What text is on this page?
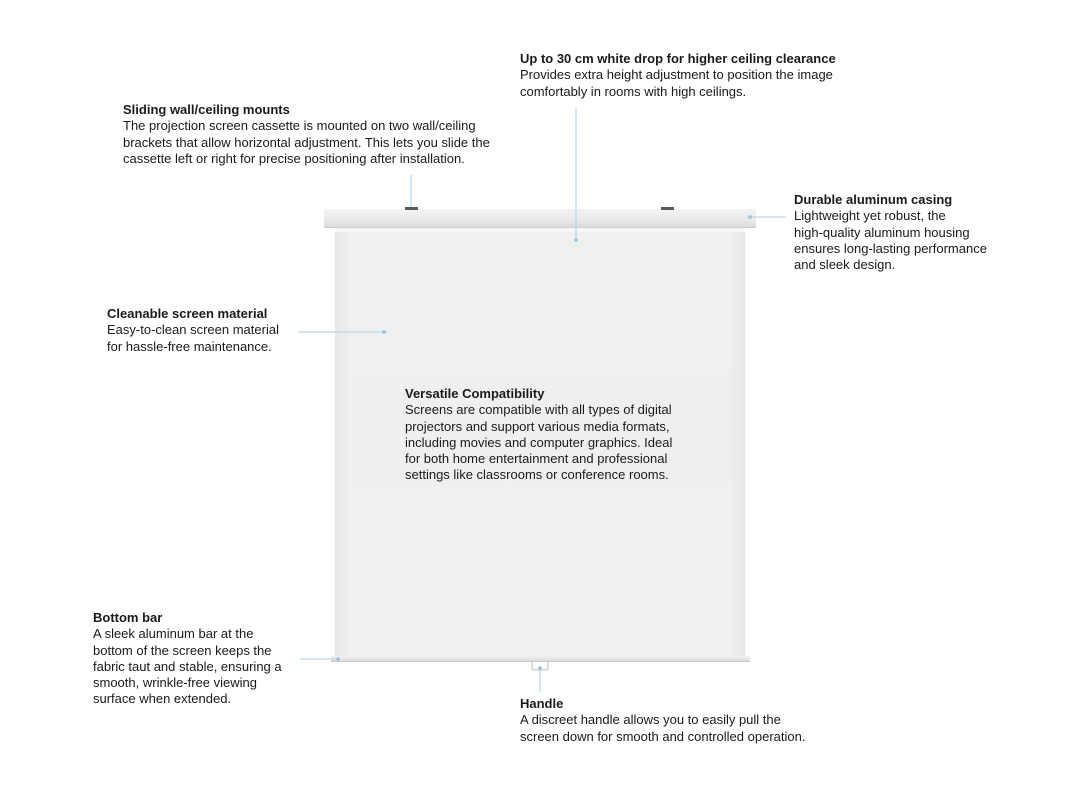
Up to 30 cm white drop for higher ceiling clearance
Provides extra height adjustment to position the image
comfortably in rooms with high ceilings.
Sliding wall/ceiling mounts
The projection screen cassette is mounted on two wall/ceiling
brackets that allow horizontal adjustment. This lets you slide the
cassette left or right for precise positioning after installation.
Durable aluminum casing
Lightweight yet robust, the
high-quality aluminum housing
ensures long-lasting performance
and sleek design.
Cleanable screen material
Easy-to-clean screen material
for hassle-free maintenance.
Versatile Compatibility
Screens are compatible with all types of digital
projectors and support various media formats,
including movies and computer graphics. Ideal
for both home entertainment and professional
settings like classrooms or conference rooms.
Bottom bar
A sleek aluminum bar at the
bottom of the screen keeps the
fabric taut and stable, ensuring a
smooth, wrinkle-free viewing
surface when extended.	Handle
A discreet handle allows you to easily pull the
screen down for smooth and controlled operation.
